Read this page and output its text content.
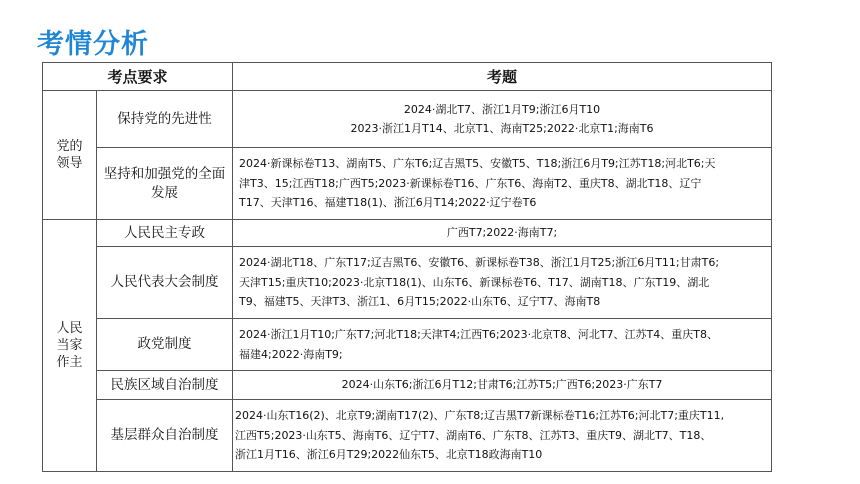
考情分析
考点要求		考题

党的
领导	保持党的先进性	2024·湖北T7、浙江1月T9;浙江6月T10
2023·浙江1月T14、北京T1、海南T25;2022·北京T1;海南T6

	坚持和加强党的全面发展	2024·新课标卷T13、湖南T5、广东T6;辽吉黑T5、安徽T5、T18;浙江6月T9;江苏T18;河北T6;天
津T3、15;江西T18;广西T5;2023·新课标卷T16、广东T6、海南T2、重庆T8、湖北T18、辽宁
T17、天津T16、福建T18(1)、浙江6月T14;2022·辽宁卷T6

人民
当家
作主	人民民主专政	广西T7;2022·海南T7;

	人民代表大会制度	2024·湖北T18、广东T17;辽吉黑T6、安徽T6、新课标卷T38、浙江1月T25;浙江6月T11;甘肃T6;
天津T15;重庆T10;2023·北京T18(1)、山东T6、新课标卷T6、T17、湖南T18、广东T19、湖北
T9、福建T5、天津T3、浙江1、6月T15;2022·山东T6、辽宁T7、海南T8

	政党制度	2024·浙江1月T10;广东T7;河北T18;天津T4;江西T6;2023·北京T8、河北T7、江苏T4、重庆T8、
福建4;2022·海南T9;

	民族区域自治制度	2024·山东T6;浙江6月T12;甘肃T6;江苏T5;广西T6;2023·广东T7

	基层群众自治制度	2024·山东T16(2)、北京T9;湖南T17(2)、广东T8;辽吉黑T7新课标卷T16;江苏T6;河北T7;重庆T11,
江西T5;2023·山东T5、海南T6、辽宁T7、湖南T6、广东T8、江苏T3、重庆T9、湖北T7、T18、
浙江1月T16、浙江6月T29;2022仙东T5、北京T18政海南T10
